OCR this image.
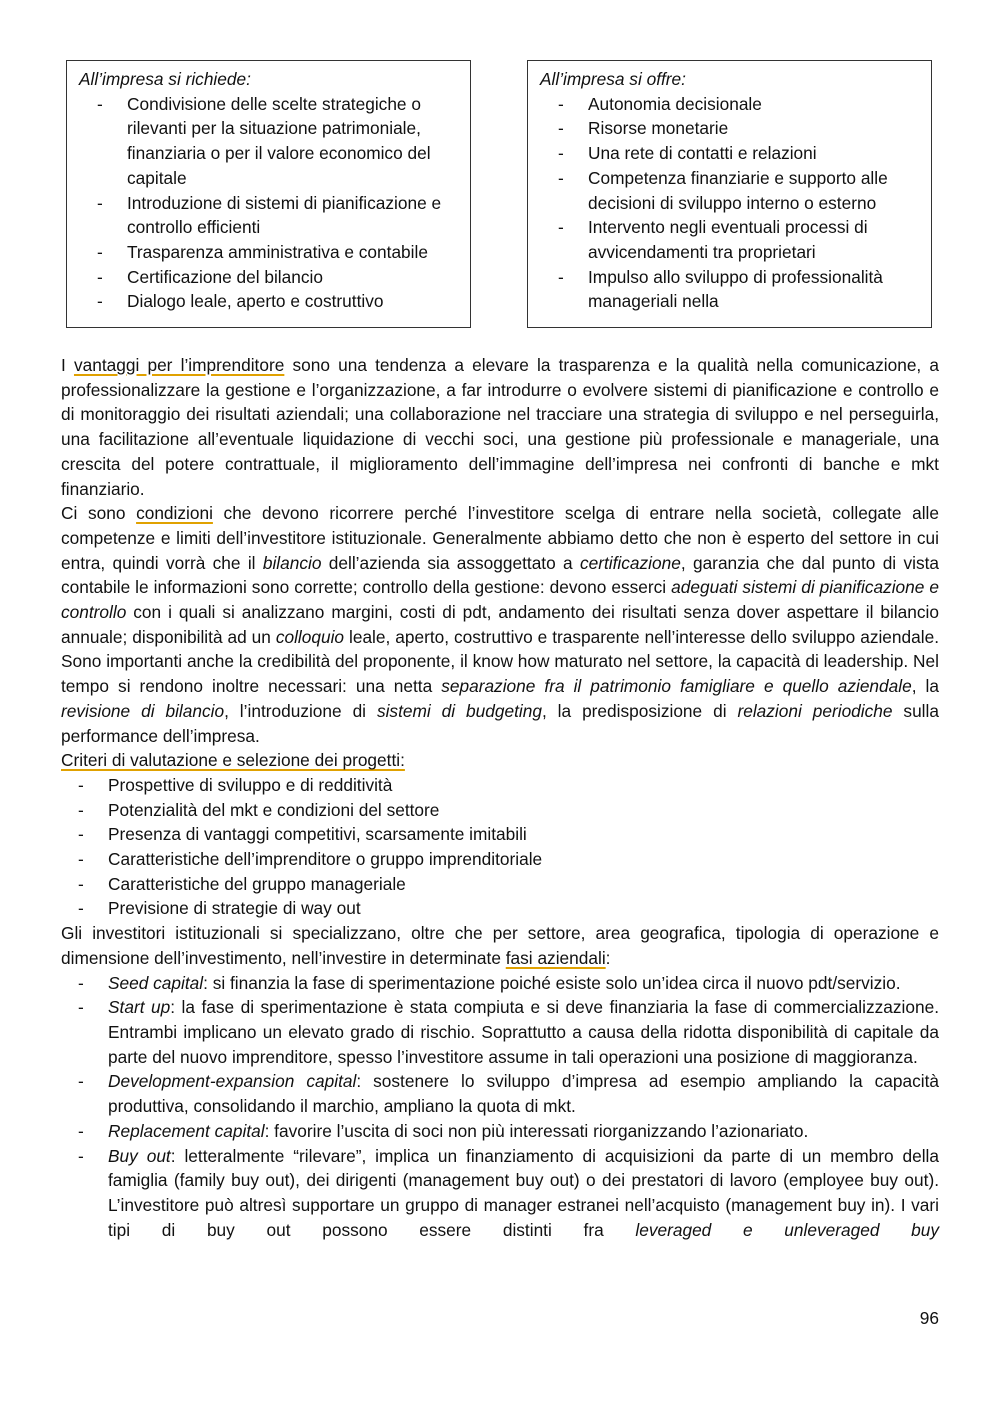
All’impresa si richiede:
- Condivisione delle scelte strategiche o rilevanti per la situazione patrimoniale, finanziaria o per il valore economico del capitale
- Introduzione di sistemi di pianificazione e controllo efficienti
- Trasparenza amministrativa e contabile
- Certificazione del bilancio
- Dialogo leale, aperto e costruttivo
All’impresa si offre:
- Autonomia decisionale
- Risorse monetarie
- Una rete di contatti e relazioni
- Competenza finanziarie e supporto alle decisioni di sviluppo interno o esterno
- Intervento negli eventuali processi di avvicendamenti tra proprietari
- Impulso allo sviluppo di professionalità manageriali nella

I vantaggi per l’imprenditore sono una tendenza a elevare la trasparenza e la qualità nella comunicazione, a professionalizzare la gestione e l’organizzazione, a far introdurre o evolvere sistemi di pianificazione e controllo e di monitoraggio dei risultati aziendali; una collaborazione nel tracciare una strategia di sviluppo e nel perseguirla, una facilitazione all’eventuale liquidazione di vecchi soci, una gestione più professionale e manageriale, una crescita del potere contrattuale, il miglioramento dell’immagine dell’impresa nei confronti di banche e mkt finanziario.

Ci sono condizioni che devono ricorrere perché l’investitore scelga di entrare nella società, collegate alle competenze e limiti dell’investitore istituzionale. Generalmente abbiamo detto che non è esperto del settore in cui entra, quindi vorrà che il bilancio dell’azienda sia assoggettato a certificazione, garanzia che dal punto di vista contabile le informazioni sono corrette; controllo della gestione: devono esserci adeguati sistemi di pianificazione e controllo con i quali si analizzano margini, costi di pdt, andamento dei risultati senza dover aspettare il bilancio annuale; disponibilità ad un colloquio leale, aperto, costruttivo e trasparente nell’interesse dello sviluppo aziendale. Sono importanti anche la credibilità del proponente, il know how maturato nel settore, la capacità di leadership. Nel tempo si rendono inoltre necessari: una netta separazione fra il patrimonio famigliare e quello aziendale, la revisione di bilancio, l’introduzione di sistemi di budgeting, la predisposizione di relazioni periodiche sulla performance dell’impresa.

Criteri di valutazione e selezione dei progetti:

- Prospettive di sviluppo e di redditività
- Potenzialità del mkt e condizioni del settore
- Presenza di vantaggi competitivi, scarsamente imitabili
- Caratteristiche dell’imprenditore o gruppo imprenditoriale
- Caratteristiche del gruppo manageriale
- Previsione di strategie di way out

Gli investitori istituzionali si specializzano, oltre che per settore, area geografica, tipologia di operazione e dimensione dell’investimento, nell’investire in determinate fasi aziendali:

- Seed capital: si finanzia la fase di sperimentazione poiché esiste solo un’idea circa il nuovo pdt/servizio.
- Start up: la fase di sperimentazione è stata compiuta e si deve finanziaria la fase di commercializzazione. Entrambi implicano un elevato grado di rischio. Soprattutto a causa della ridotta disponibilità di capitale da parte del nuovo imprenditore, spesso l’investitore assume in tali operazioni una posizione di maggioranza.
- Development-expansion capital: sostenere lo sviluppo d’impresa ad esempio ampliando la capacità produttiva, consolidando il marchio, ampliano la quota di mkt.
- Replacement capital: favorire l’uscita di soci non più interessati riorganizzando l’azionariato.
- Buy out: letteralmente “rilevare”, implica un finanziamento di acquisizioni da parte di un membro della famiglia (family buy out), dei dirigenti (management buy out) o dei prestatori di lavoro (employee buy out). L’investitore può altresì supportare un gruppo di manager estranei nell’acquisto (management buy in). I vari tipi di buy out possono essere distinti fra leveraged e unleveraged buy
96
